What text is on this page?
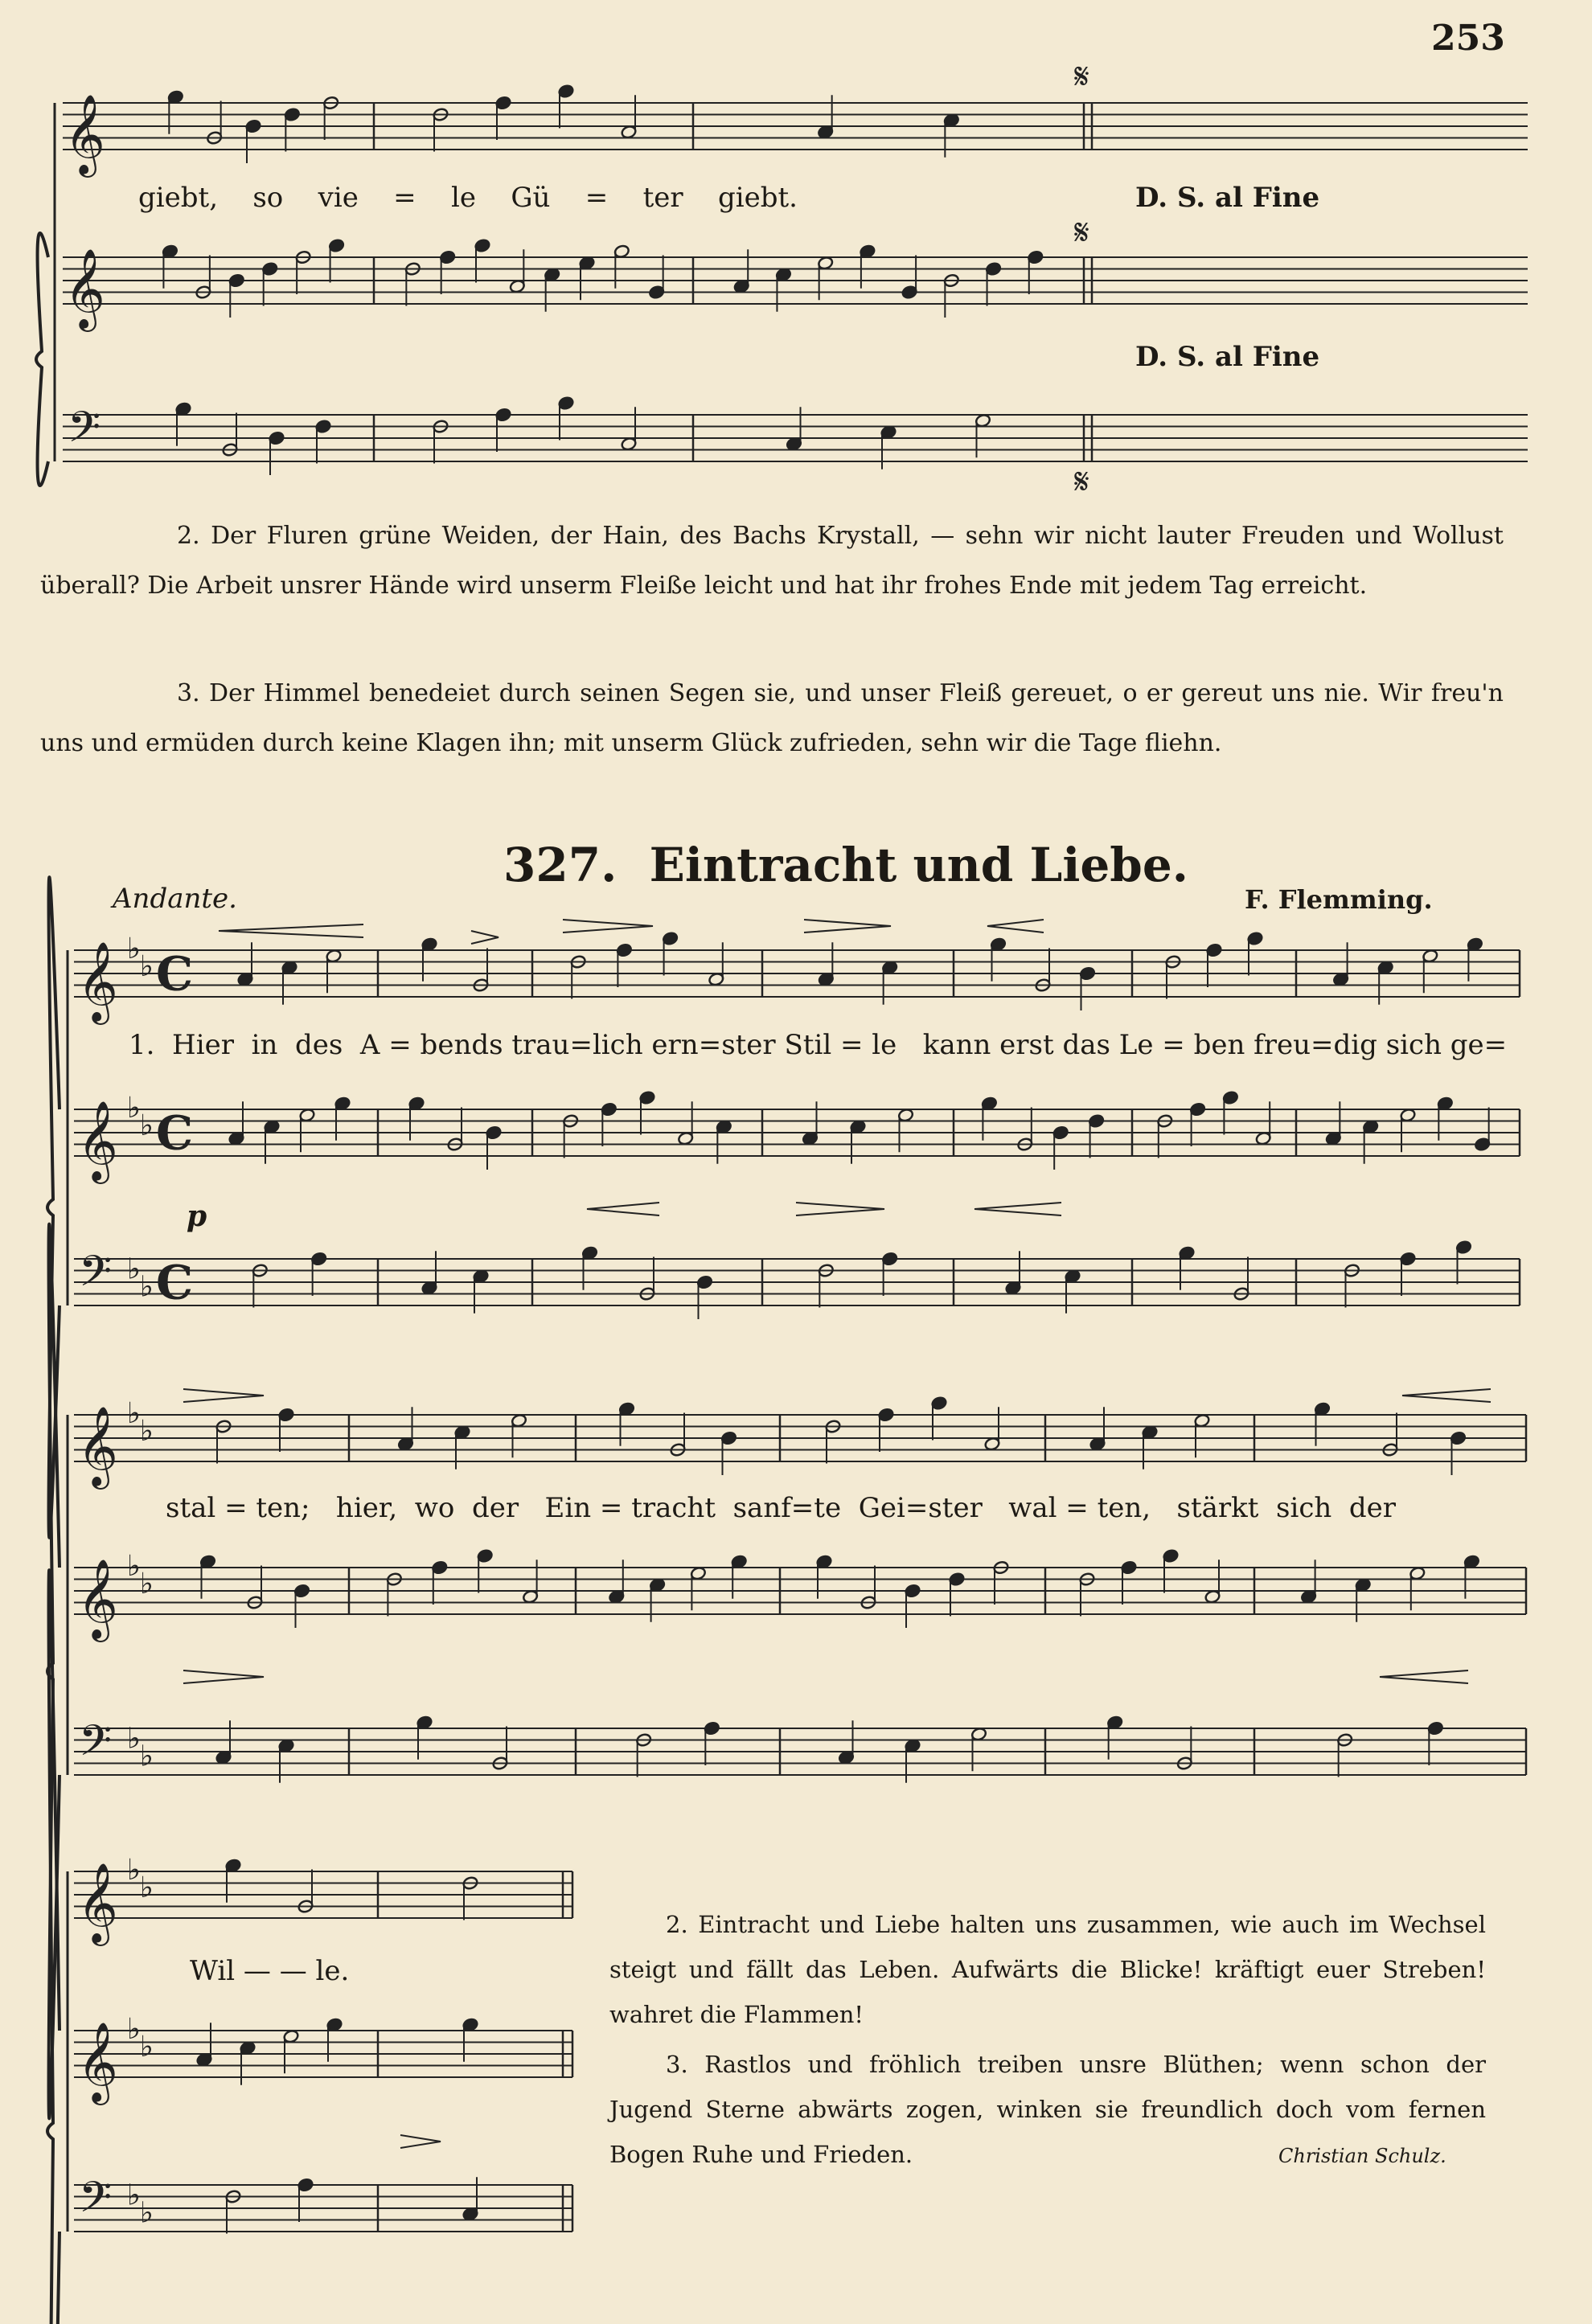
253
𝄞
𝄞
𝄢
𝄋
𝄋
𝄋
𝄞
𝄞
𝄢
♭
♭
♭
♭
♭
♭
C
C
C
𝄞
𝄞
𝄢
♭
♭
♭
♭
♭
♭
𝄞
𝄞
𝄢
♭
♭
♭
♭
♭
♭
giebt, so vie = le Gü = ter giebt.	D. S. al Fine
D. S. al Fine
2. Der Fluren grüne Weiden, der Hain, des Bachs Krystall, — sehn wir nicht lauter Freuden und Wollust überall? Die Arbeit unsrer Hände wird unserm Fleiße leicht und hat ihr frohes Ende mit jedem Tag erreicht.
3. Der Himmel benedeiet durch seinen Segen sie, und unser Fleiß gereuet, o er gereut uns nie. Wir freu'n uns und ermüden durch keine Klagen ihn; mit unserm Glück zufrieden, sehn wir die Tage fliehn.
327. Eintracht und Liebe.
Andante.	F. Flemming.
p
1.  Hier  in  des  A = bends trau=lich ern=ster Stil = le   kann erst das Le = ben freu=dig sich ge=
stal = ten;   hier,  wo  der   Ein = tracht  sanf=te  Gei=ster   wal = ten,   stärkt  sich  der
Wil — — le.
2. Eintracht und Liebe halten uns zusammen, wie auch im Wechsel steigt und fällt das Leben. Aufwärts die Blicke! kräftigt euer Streben! wahret die Flammen!
3. Rastlos und fröhlich treiben unsre Blüthen; wenn schon der Jugend Sterne abwärts zogen, winken sie freundlich doch vom fernen Bogen Ruhe und Frieden.	Christian Schulz.
